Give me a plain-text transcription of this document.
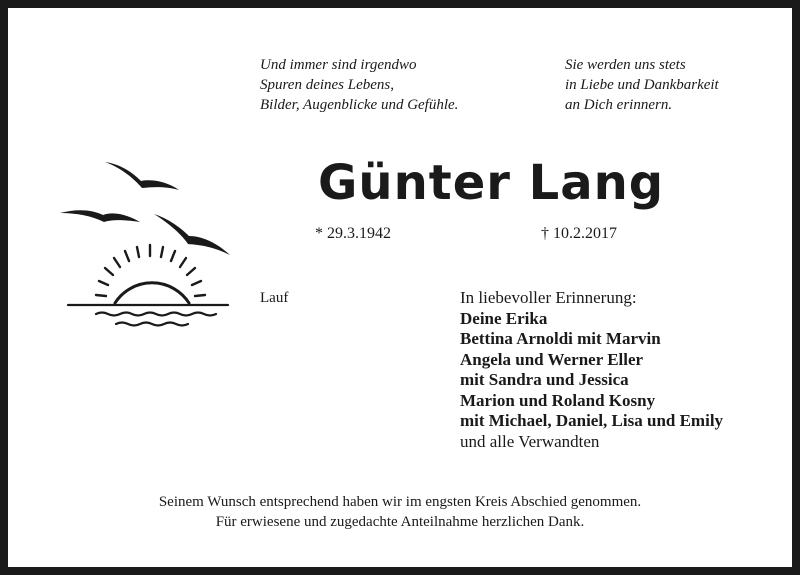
Und immer sind irgendwo
Spuren deines Lebens,
Bilder, Augenblicke und Gefühle.
Sie werden uns stets
in Liebe und Dankbarkeit
an Dich erinnern.
Günter Lang
* 29.3.1942	† 10.2.2017
Lauf	In liebevoller Erinnerung:
Deine Erika
Bettina Arnoldi mit Marvin
Angela und Werner Eller
mit Sandra und Jessica
Marion und Roland Kosny
mit Michael, Daniel, Lisa und Emily
und alle Verwandten
Seinem Wunsch entsprechend haben wir im engsten Kreis Abschied genommen.
Für erwiesene und zugedachte Anteilnahme herzlichen Dank.
